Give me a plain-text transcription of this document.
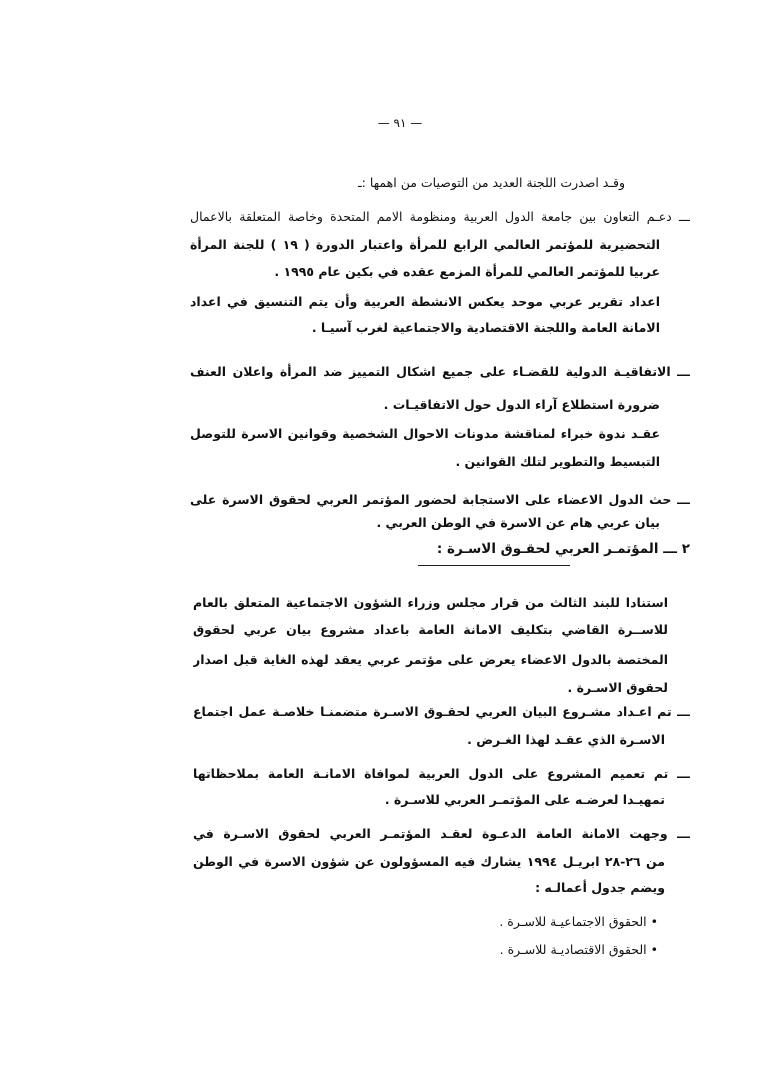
— ٩١ —
وقـد اصدرت اللجنة العديد من التوصيات من اهمها :ـ
ـــ دعـم التعاون بين جامعة الدول العربية ومنظومة الامم المتحدة وخاصة المتعلقة بالاعمال
التحضيرية للمؤتمر العالمي الرابع للمرأة واعتبار الدورة ( ١٩ ) للجنة المرأة
عربيا للمؤتمر العالمي للمرأة المزمع عقده في بكين عام ١٩٩٥ .
اعداد تقرير عربي موحد يعكس الانشطة العربية وأن يتم التنسيق في اعداد
الامانة العامة واللجنة الاقتصادية والاجتماعية لغرب آسيـا .
ـــ الاتفاقيـة الدولية للقضـاء على جميع اشكال التمييز ضد المرأة واعلان العنف
ضرورة استطلاع آراء الدول حول الاتفاقيـات .
عقـد ندوة خبراء لمناقشة مدونات الاحوال الشخصية وقوانين الاسرة للتوصل
التبسيط والتطوير لتلك القوانين .
ـــ حث الدول الاعضاء على الاستجابة لحضور المؤتمر العربي لحقوق الاسرة على
بيان عربي هام عن الاسرة في الوطن العربي .
٢ ـــ المؤتمـر العربي لحقـوق الاسـرة :
استنادا للبند الثالث من قرار مجلس وزراء الشؤون الاجتماعية المتعلق بالعام
للاســرة القاضي بتكليف الامانة العامة باعداد مشروع بيان عربي لحقوق
المختصة بالدول الاعضاء يعرض على مؤتمر عربي يعقد لهذه الغاية قبل اصدار
لحقوق الاسـرة .
ـــ تم اعـداد مشـروع البيان العربي لحقـوق الاسـرة متضمنـا خلاصـة عمل اجتماع
الاسـرة الذي عقـد لهذا الغـرض .
ـــ تم تعميم المشروع على الدول العربية لموافاة الامانـة العامة بملاحظاتها
تمهيـدا لعرضـه على المؤتمـر العربي للاسـرة .
ـــ وجهت الامانة العامة الدعـوة لعقـد المؤتمـر العربي لحقوق الاسـرة في
من ٢٦-٢٨ ابريـل ١٩٩٤ يشارك فيه المسؤولون عن شؤون الاسرة في الوطن
ويضم جدول أعمالـه :
• الحقوق الاجتماعيـة للاسـرة .
• الحقوق الاقتصاديـة للاسـرة .
